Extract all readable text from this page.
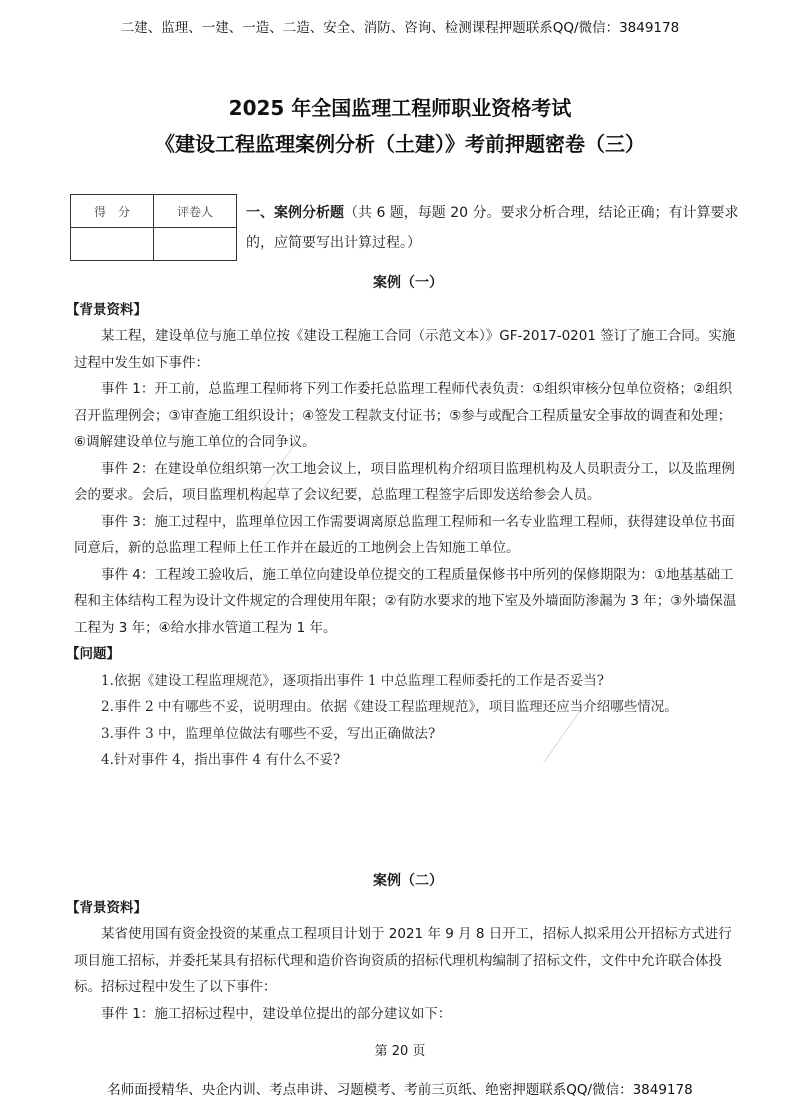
二建、监理、一建、一造、二造、安全、消防、咨询、检测课程押题联系QQ/微信：3849178
2025 年全国监理工程师职业资格考试
《建设工程监理案例分析（土建）》考前押题密卷（三）
得　分	评卷人
	一、案例分析题（共 6 题，每题 20 分。要求分析合理，结论正确；有计算要求的，应简要写出计算过程。）
案例（一）
【背景资料】

某工程，建设单位与施工单位按《建设工程施工合同（示范文本）》GF-2017-0201 签订了施工合同。实施过程中发生如下事件：

事件 1：开工前，总监理工程师将下列工作委托总监理工程师代表负责：①组织审核分包单位资格；②组织召开监理例会；③审查施工组织设计；④签发工程款支付证书；⑤参与或配合工程质量安全事故的调查和处理；⑥调解建设单位与施工单位的合同争议。

事件 2：在建设单位组织第一次工地会议上，项目监理机构介绍项目监理机构及人员职责分工，以及监理例会的要求。会后，项目监理机构起草了会议纪要，总监理工程签字后即发送给参会人员。

事件 3：施工过程中，监理单位因工作需要调离原总监理工程师和一名专业监理工程师，获得建设单位书面同意后，新的总监理工程师上任工作并在最近的工地例会上告知施工单位。

事件 4：工程竣工验收后，施工单位向建设单位提交的工程质量保修书中所列的保修期限为：①地基基础工程和主体结构工程为设计文件规定的合理使用年限；②有防水要求的地下室及外墙面防渗漏为 3 年；③外墙保温工程为 3 年；④给水排水管道工程为 1 年。

【问题】

1.依据《建设工程监理规范》，逐项指出事件 1 中总监理工程师委托的工作是否妥当?

2.事件 2 中有哪些不妥，说明理由。依据《建设工程监理规范》，项目监理还应当介绍哪些情况。

3.事件 3 中，监理单位做法有哪些不妥，写出正确做法?

4.针对事件 4，指出事件 4 有什么不妥?

案例（二）
【背景资料】

某省使用国有资金投资的某重点工程项目计划于 2021 年 9 月 8 日开工，招标人拟采用公开招标方式进行项目施工招标，并委托某具有招标代理和造价咨询资质的招标代理机构编制了招标文件，文件中允许联合体投标。招标过程中发生了以下事件：

事件 1：施工招标过程中，建设单位提出的部分建议如下：

────────────
────────────
第 20 页
名师面授精华、央企内训、考点串讲、习题模考、考前三页纸、绝密押题联系QQ/微信：3849178
